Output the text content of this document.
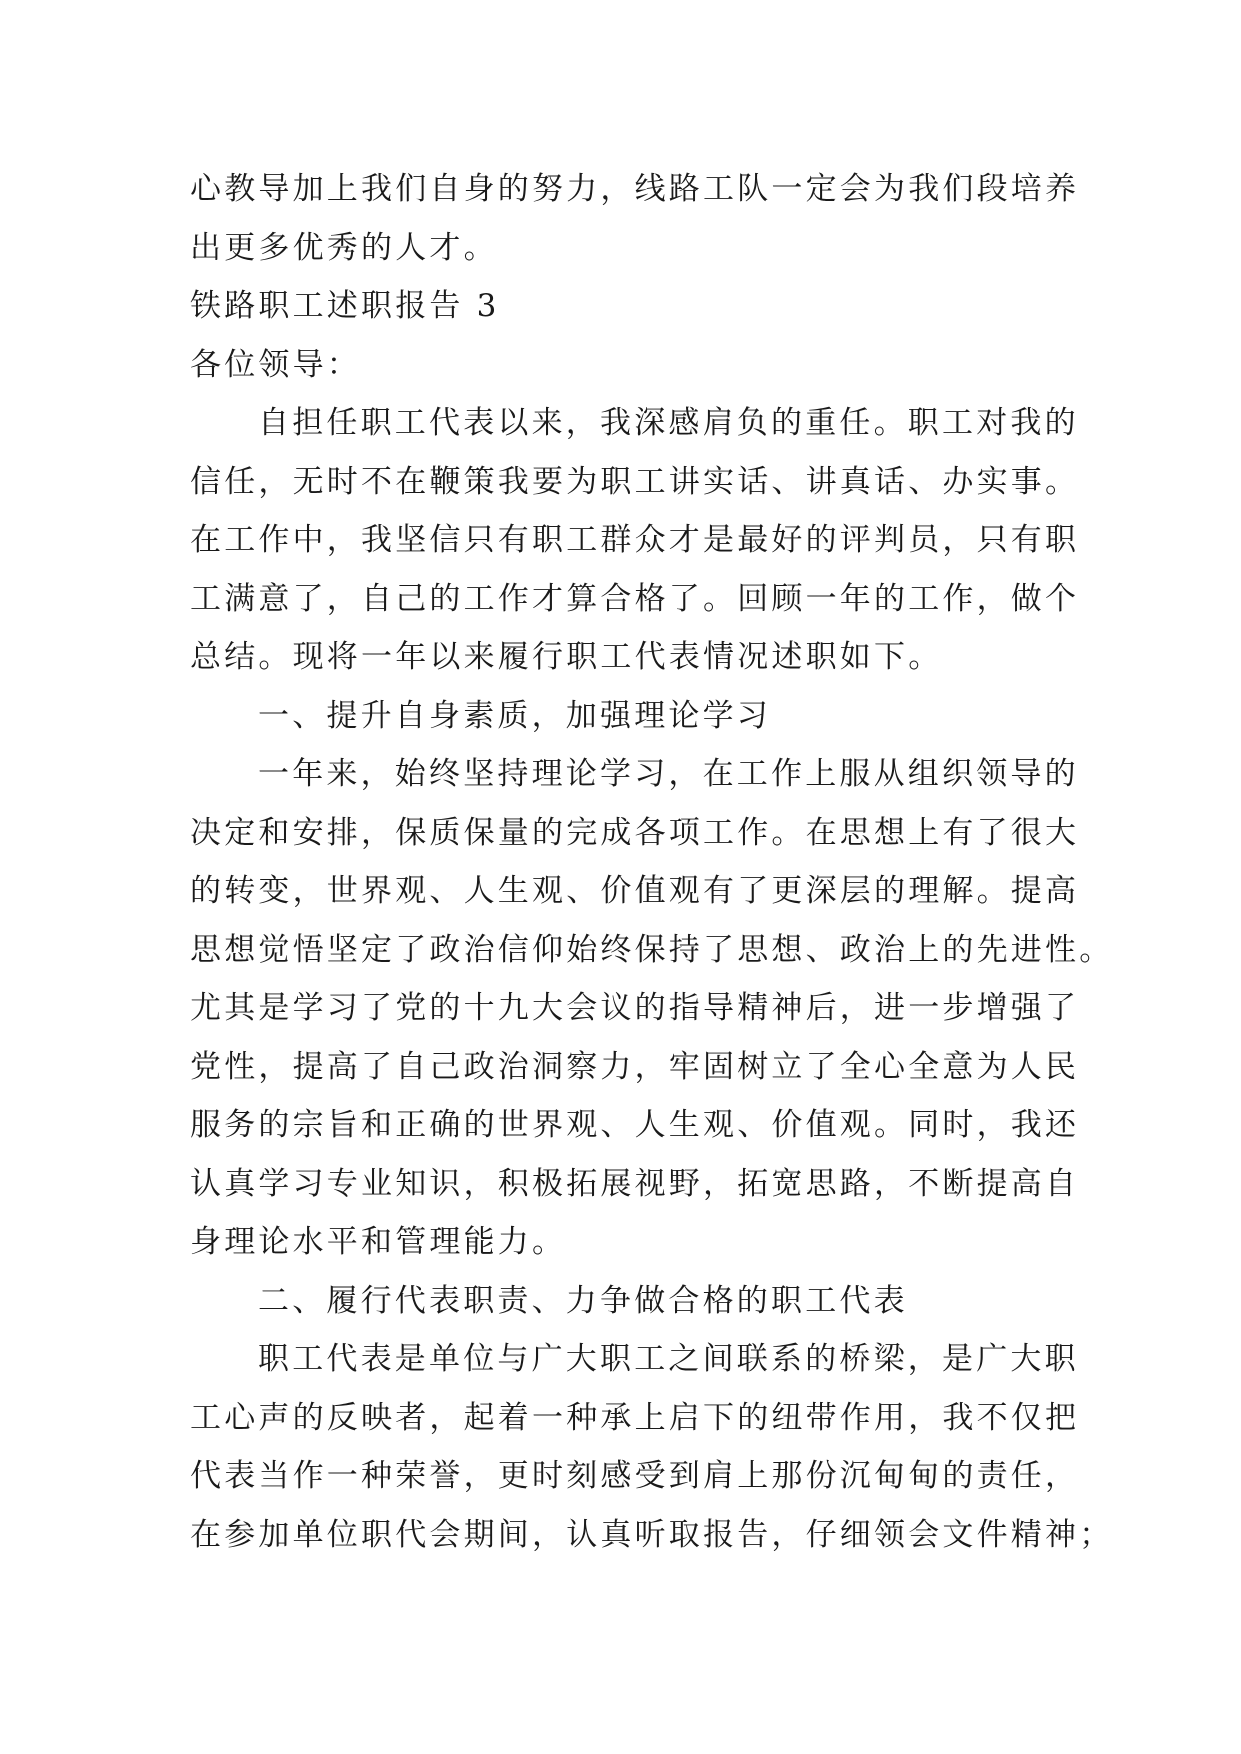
心教导加上我们自身的努力，线路工队一定会为我们段培养
出更多优秀的人才。
铁路职工述职报告 3
各位领导：
自担任职工代表以来，我深感肩负的重任。职工对我的
信任，无时不在鞭策我要为职工讲实话、讲真话、办实事。
在工作中，我坚信只有职工群众才是最好的评判员，只有职
工满意了，自己的工作才算合格了。回顾一年的工作，做个
总结。现将一年以来履行职工代表情况述职如下。
一、提升自身素质，加强理论学习
一年来，始终坚持理论学习，在工作上服从组织领导的
决定和安排，保质保量的完成各项工作。在思想上有了很大
的转变，世界观、人生观、价值观有了更深层的理解。提高
思想觉悟坚定了政治信仰始终保持了思想、政治上的先进性。
尤其是学习了党的十九大会议的指导精神后，进一步增强了
党性，提高了自己政治洞察力，牢固树立了全心全意为人民
服务的宗旨和正确的世界观、人生观、价值观。同时，我还
认真学习专业知识，积极拓展视野，拓宽思路，不断提高自
身理论水平和管理能力。
二、履行代表职责、力争做合格的职工代表
职工代表是单位与广大职工之间联系的桥梁，是广大职
工心声的反映者，起着一种承上启下的纽带作用，我不仅把
代表当作一种荣誉，更时刻感受到肩上那份沉甸甸的责任，
在参加单位职代会期间，认真听取报告，仔细领会文件精神；
